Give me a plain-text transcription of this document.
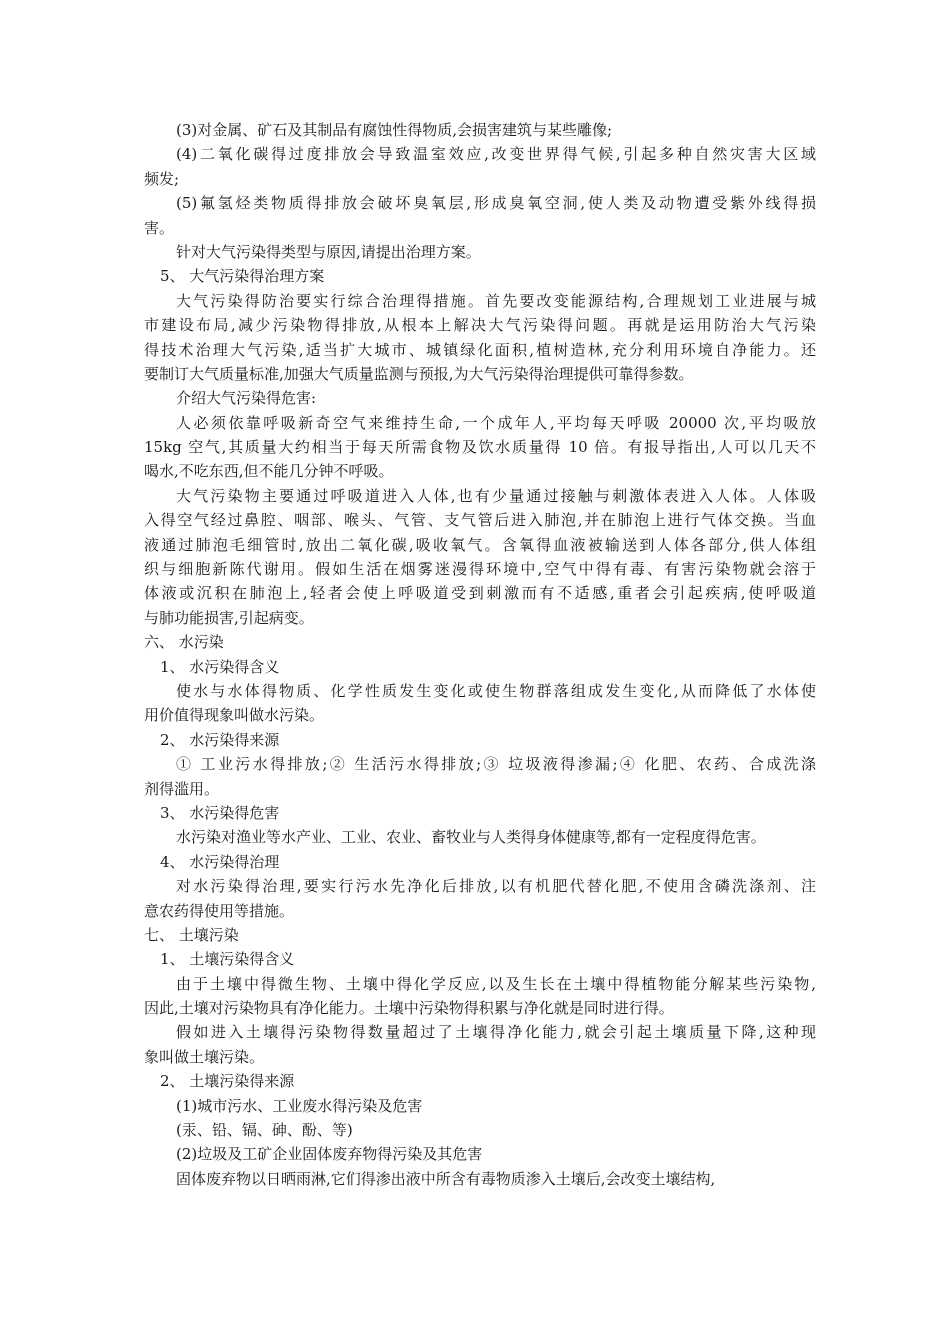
(3)对金属、矿石及其制品有腐蚀性得物质,会损害建筑与某些雕像;
(4)二氧化碳得过度排放会导致温室效应,改变世界得气候,引起多种自然灾害大区域
频发;
(5)氟氢烃类物质得排放会破坏臭氧层,形成臭氧空洞,使人类及动物遭受紫外线得损
害。
针对大气污染得类型与原因,请提出治理方案。
5、 大气污染得治理方案
大气污染得防治要实行综合治理得措施。首先要改变能源结构,合理规划工业进展与城
市建设布局,减少污染物得排放,从根本上解决大气污染得问题。再就是运用防治大气污染
得技术治理大气污染,适当扩大城市、城镇绿化面积,植树造林,充分利用环境自净能力。还
要制订大气质量标准,加强大气质量监测与预报,为大气污染得治理提供可靠得参数。
介绍大气污染得危害:
人必须依靠呼吸新奇空气来维持生命,一个成年人,平均每天呼吸 20000 次,平均吸放
15kg 空气,其质量大约相当于每天所需食物及饮水质量得 10 倍。有报导指出,人可以几天不
喝水,不吃东西,但不能几分钟不呼吸。
大气污染物主要通过呼吸道进入人体,也有少量通过接触与刺激体表进入人体。人体吸
入得空气经过鼻腔、咽部、喉头、气管、支气管后进入肺泡,并在肺泡上进行气体交换。当血
液通过肺泡毛细管时,放出二氧化碳,吸收氧气。含氧得血液被输送到人体各部分,供人体组
织与细胞新陈代谢用。假如生活在烟雾迷漫得环境中,空气中得有毒、有害污染物就会溶于
体液或沉积在肺泡上,轻者会使上呼吸道受到刺激而有不适感,重者会引起疾病,使呼吸道
与肺功能损害,引起病变。
六、 水污染
1、 水污染得含义
使水与水体得物质、化学性质发生变化或使生物群落组成发生变化,从而降低了水体使
用价值得现象叫做水污染。
2、 水污染得来源
① 工业污水得排放;② 生活污水得排放;③ 垃圾液得渗漏;④ 化肥、农药、合成洗涤
剂得滥用。
3、 水污染得危害
水污染对渔业等水产业、工业、农业、畜牧业与人类得身体健康等,都有一定程度得危害。
4、 水污染得治理
对水污染得治理,要实行污水先净化后排放,以有机肥代替化肥,不使用含磷洗涤剂、注
意农药得使用等措施。
七、 土壤污染
1、 土壤污染得含义
由于土壤中得微生物、土壤中得化学反应,以及生长在土壤中得植物能分解某些污染物,
因此,土壤对污染物具有净化能力。土壤中污染物得积累与净化就是同时进行得。
假如进入土壤得污染物得数量超过了土壤得净化能力,就会引起土壤质量下降,这种现
象叫做土壤污染。
2、 土壤污染得来源
(1)城市污水、工业废水得污染及危害
(汞、铅、镉、砷、酚、等)
(2)垃圾及工矿企业固体废弃物得污染及其危害
固体废弃物以日晒雨淋,它们得渗出液中所含有毒物质渗入土壤后,会改变土壤结构,
